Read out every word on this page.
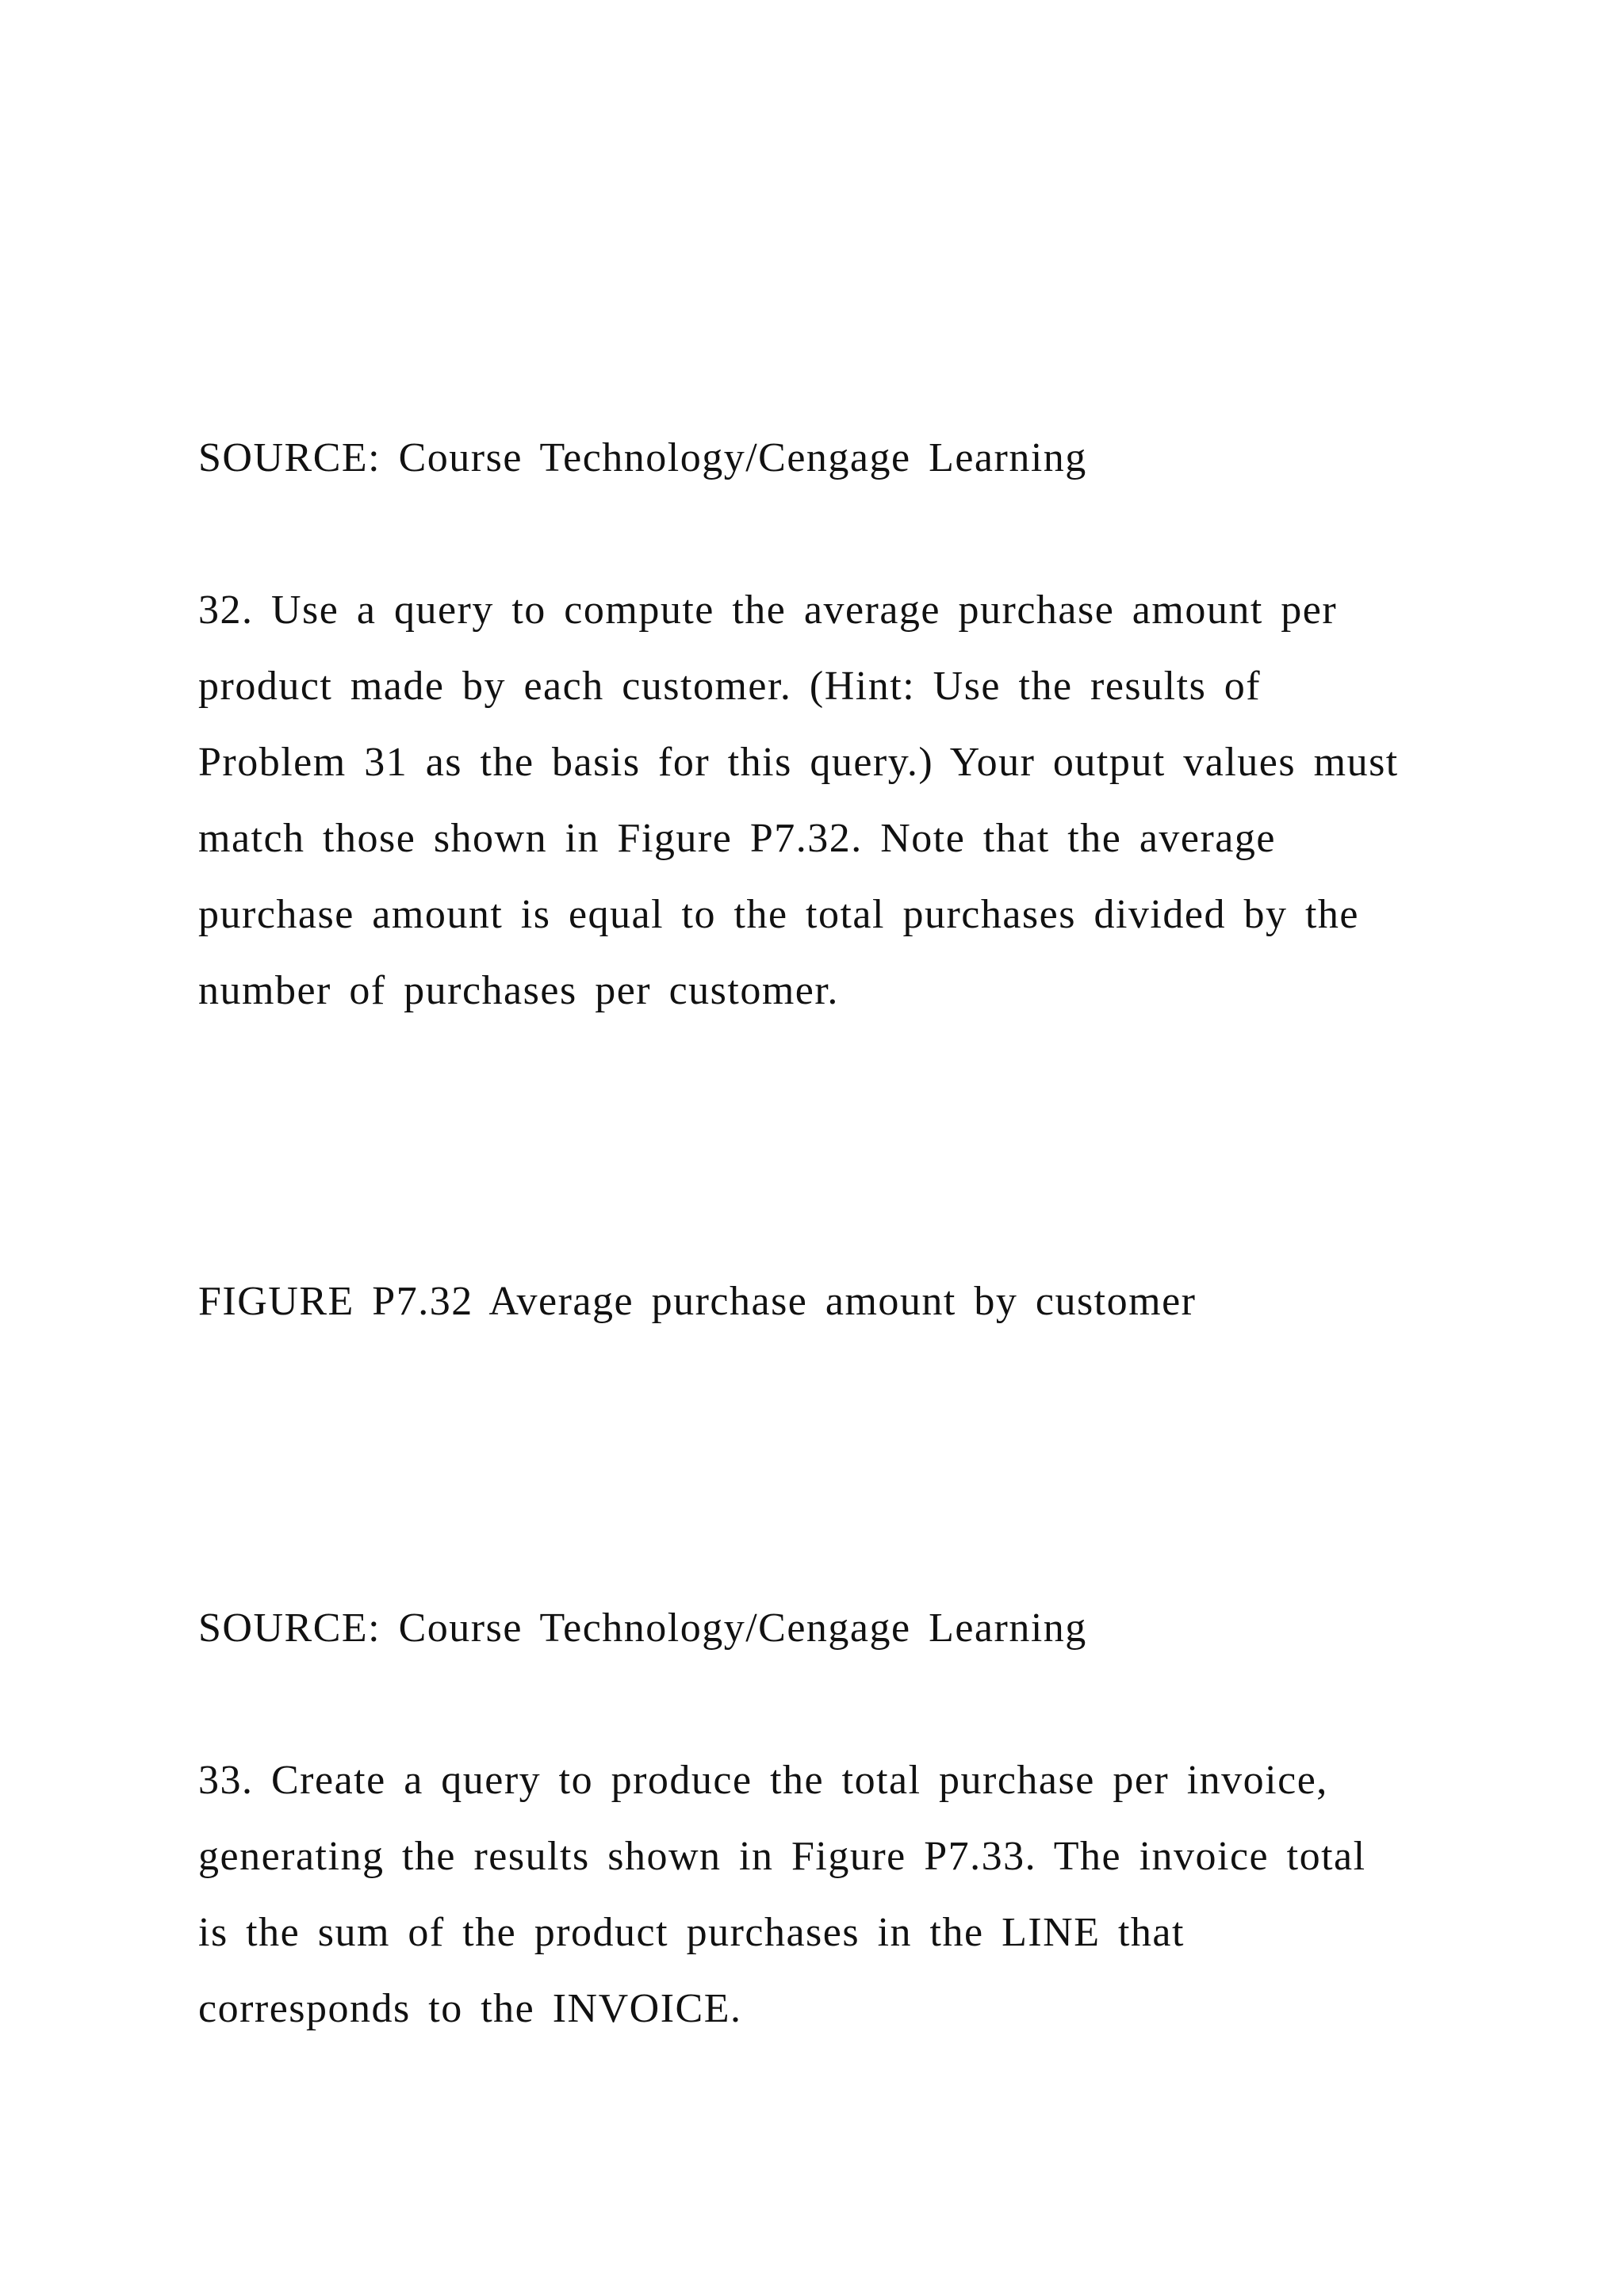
SOURCE: Course Technology/Cengage Learning
32. Use a query to compute the average purchase amount per
product made by each customer. (Hint: Use the results of
Problem 31 as the basis for this query.) Your output values must
match those shown in Figure P7.32. Note that the average
purchase amount is equal to the total purchases divided by the
number of purchases per customer.
FIGURE P7.32 Average purchase amount by customer
SOURCE: Course Technology/Cengage Learning
33. Create a query to produce the total purchase per invoice,
generating the results shown in Figure P7.33. The invoice total
is the sum of the product purchases in the LINE that
corresponds to the INVOICE.
